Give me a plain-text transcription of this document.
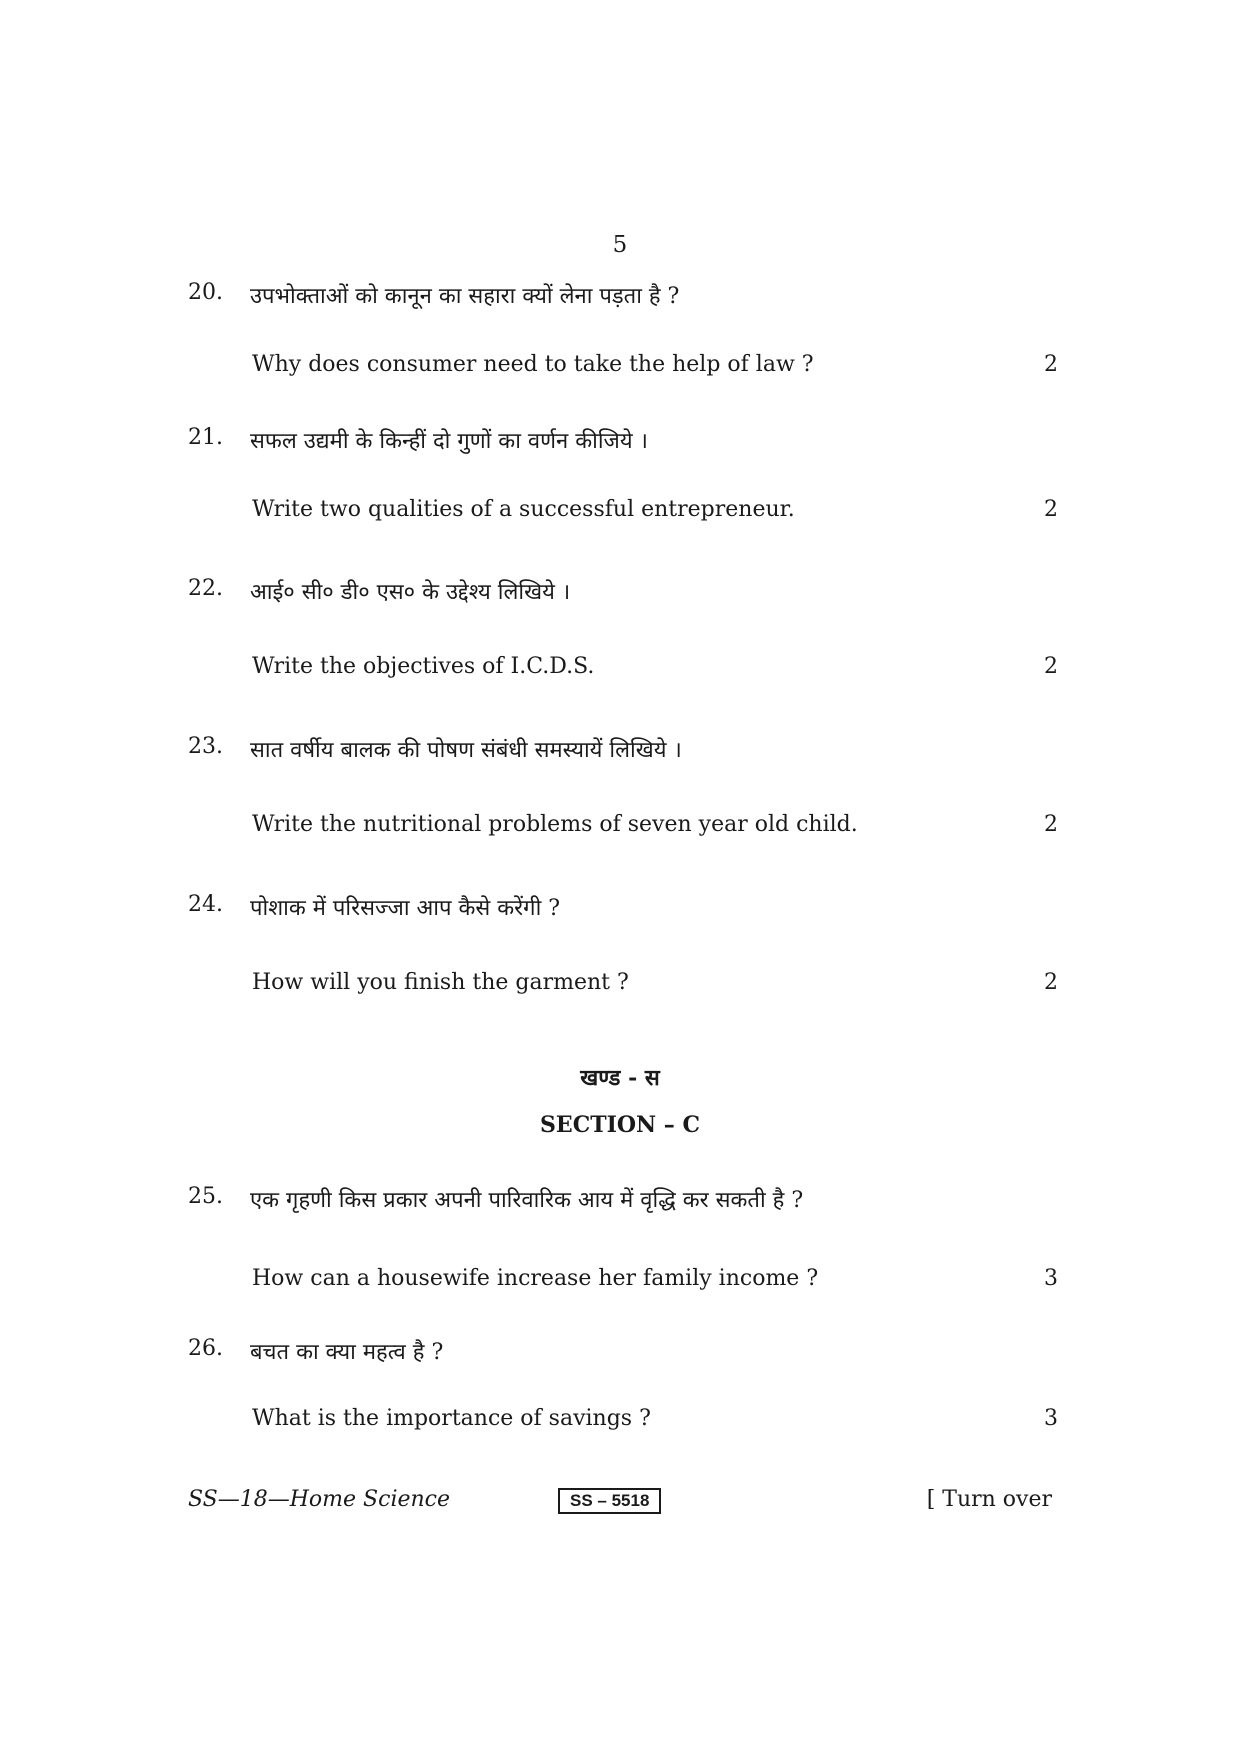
5
20. उपभोक्ताओं को कानून का सहारा क्यों लेना पड़ता है ?
Why does consumer need to take the help of law ?	2
21. सफल उद्यमी के किन्हीं दो गुणों का वर्णन कीजिये ।
Write two qualities of a successful entrepreneur.	2
22. आई० सी० डी० एस० के उद्देश्य लिखिये ।
Write the objectives of I.C.D.S.	2
23. सात वर्षीय बालक की पोषण संबंधी समस्यायें लिखिये ।
Write the nutritional problems of seven year old child.	2
24. पोशाक में परिसज्जा आप कैसे करेंगी ?
How will you finish the garment ?	2
खण्ड - स
SECTION – C
25. एक गृहणी किस प्रकार अपनी पारिवारिक आय में वृद्धि कर सकती है ?
How can a housewife increase her family income ?	3
26. बचत का क्या महत्व है ?
What is the importance of savings ?	3
SS—18—Home Science	SS – 5518	[ Turn over
